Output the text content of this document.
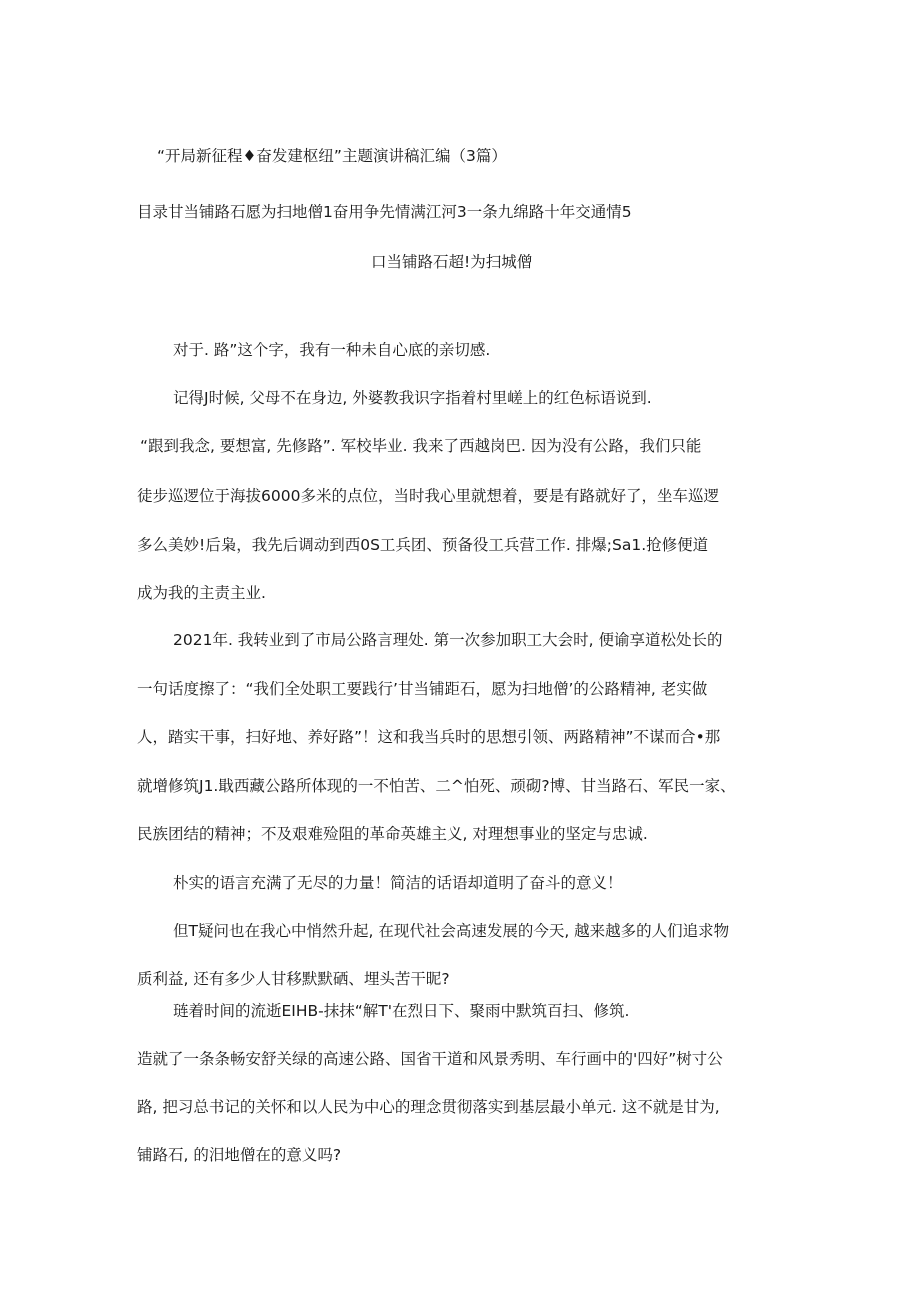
“开局新征程♦奋发建枢纽”主题演讲稿汇编（3篇）
目录甘当铺路石愿为扫地僧1奋用争先情满江河3一条九绵路十年交通情5
口当铺路石超!为扫城僧
对于. 路”这个字，我有一种未自心底的亲切感.
记得J时候, 父母不在身边, 外婆教我识字指着村里嵯上的红色标语说到.
“跟到我念, 要想富, 先修路”. 军校毕业. 我来了西越岗巴. 因为没有公路，我们只能
徒步巡逻位于海拔6000多米的点位，当时我心里就想着，要是有路就好了，坐车巡逻
多么美妙!后枭，我先后调动到西0S工兵团、预备役工兵营工作. 排爆;Sa1.抢修便道
成为我的主责主业.
2021年. 我转业到了市局公路言理处. 第一次参加职工大会时, 便谕享道松处长的
一句话度擦了：“我们全处职工要践行’甘当铺距石，愿为扫地僧’的公路精神, 老实做
人，踏实干事，扫好地、养好路”！这和我当兵时的思想引领、两路精神”不谋而合•那
就增修筑J1.戢西藏公路所体现的一不怕苦、二^怕死、顽砌?博、甘当路石、军民一家、
民族团结的精神；不及艰难殓阻的革命英雄主义, 对理想事业的坚定与忠诚.
朴实的语言充满了无尽的力量！简洁的话语却道明了奋斗的意义！
但T疑问也在我心中悄然升起, 在现代社会高速发展的今天, 越来越多的人们追求物
质利益, 还有多少人甘移默默硒、埋头苦干昵?
琏着时间的流逝EIHB-抹抹“解T'在烈日下、聚雨中默筑百扫、修筑.
造就了一条条畅安舒关绿的高速公路、国省干道和风景秀明、车行画中的'四好”树寸公
路, 把习总书记的关怀和以人民为中心的理念贯彻落实到基层最小单元. 这不就是甘为,
铺路石, 的汨地僧在的意义吗?
